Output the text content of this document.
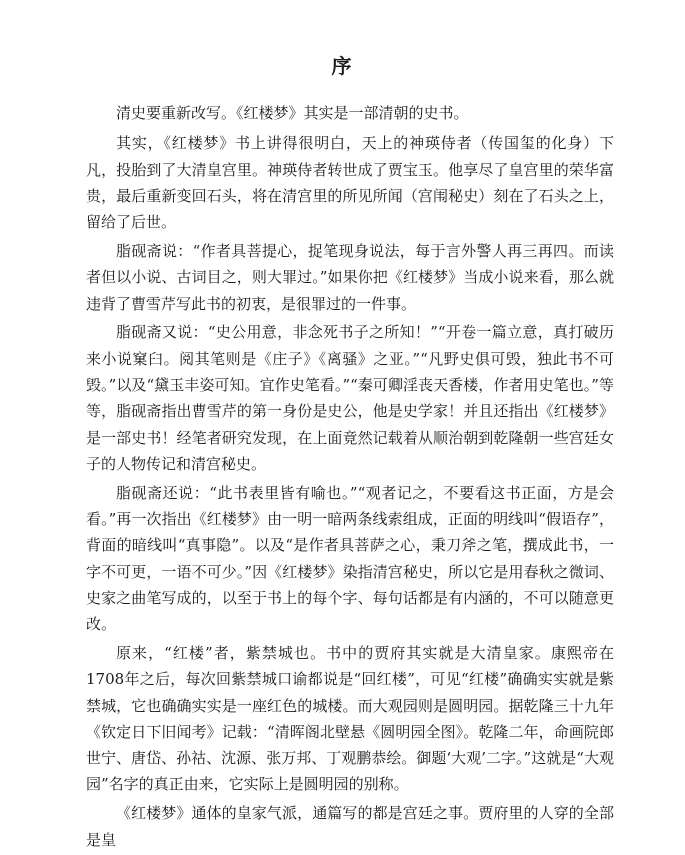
序

清史要重新改写。《红楼梦》其实是一部清朝的史书。

其实，《红楼梦》书上讲得很明白，天上的神瑛侍者（传国玺的化身）下凡，投胎到了大清皇宫里。神瑛侍者转世成了贾宝玉。他享尽了皇宫里的荣华富贵，最后重新变回石头，将在清宫里的所见所闻（宫闱秘史）刻在了石头之上，留给了后世。

脂砚斋说：“作者具菩提心，捉笔现身说法，每于言外警人再三再四。而读者但以小说、古词目之，则大罪过。”如果你把《红楼梦》当成小说来看，那么就违背了曹雪芹写此书的初衷，是很罪过的一件事。

脂砚斋又说：“史公用意，非念死书子之所知！”“开卷一篇立意，真打破历来小说窠臼。阅其笔则是《庄子》《离骚》之亚。”“凡野史俱可毁，独此书不可毁。”以及“黛玉丰姿可知。宜作史笔看。”“秦可卿淫丧天香楼，作者用史笔也。”等等，脂砚斋指出曹雪芹的第一身份是史公，他是史学家！并且还指出《红楼梦》是一部史书！经笔者研究发现，在上面竟然记载着从顺治朝到乾隆朝一些宫廷女子的人物传记和清宫秘史。

脂砚斋还说：“此书表里皆有喻也。”“观者记之，不要看这书正面，方是会看。”再一次指出《红楼梦》由一明一暗两条线索组成，正面的明线叫“假语存”，背面的暗线叫“真事隐”。以及“是作者具菩萨之心，秉刀斧之笔，撰成此书，一字不可更，一语不可少。”因《红楼梦》染指清宫秘史，所以它是用春秋之微词、史家之曲笔写成的，以至于书上的每个字、每句话都是有内涵的，不可以随意更改。

原来，“红楼”者，紫禁城也。书中的贾府其实就是大清皇家。康熙帝在1708年之后，每次回紫禁城口谕都说是“回红楼”，可见“红楼”确确实实就是紫禁城，它也确确实实是一座红色的城楼。而大观园则是圆明园。据乾隆三十九年《钦定日下旧闻考》记载：“清晖阁北壁悬《圆明园全图》。乾隆二年，命画院郎世宁、唐岱、孙祜、沈源、张万邦、丁观鹏恭绘。御题‘大观’二字。”这就是“大观园”名字的真正由来，它实际上是圆明园的别称。

《红楼梦》通体的皇家气派，通篇写的都是宫廷之事。贾府里的人穿的全部是皇
